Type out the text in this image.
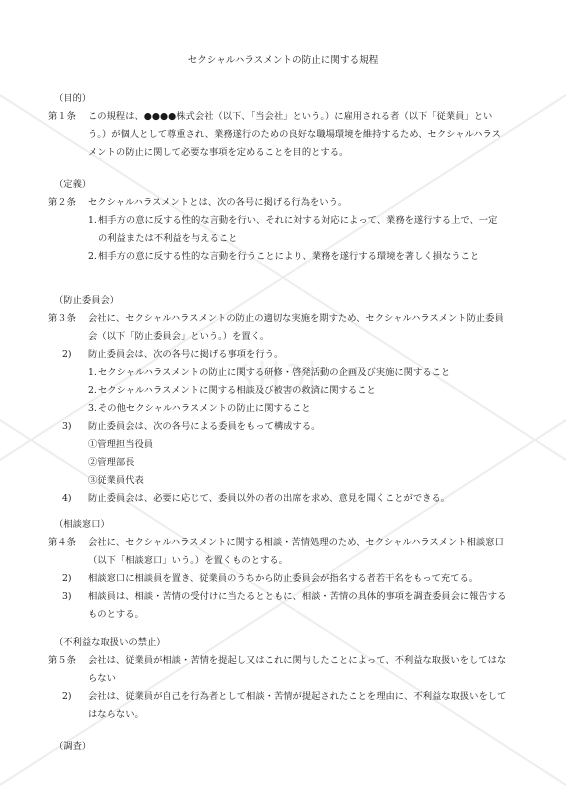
セクシャルハラスメントの防止に関する規程
（目的）
第１条 この規程は、●●●●株式会社（以下、「当会社」という。）に雇用される者（以下「従業員」という。）が個人として尊重され、業務遂行のための良好な職場環境を維持するため、セクシャルハラスメントの防止に関して必要な事項を定めることを目的とする。
（定義）
第２条 セクシャルハラスメントとは、次の各号に掲げる行為をいう。
1. 相手方の意に反する性的な言動を行い、それに対する対応によって、業務を遂行する上で、一定の利益または不利益を与えること
2. 相手方の意に反する性的な言動を行うことにより、業務を遂行する環境を著しく損なうこと
（防止委員会）
第３条 会社に、セクシャルハラスメントの防止の適切な実施を期すため、セクシャルハラスメント防止委員会（以下「防止委員会」という。）を置く。
2) 防止委員会は、次の各号に掲げる事項を行う。
1. セクシャルハラスメントの防止に関する研修・啓発活動の企画及び実施に関すること
2. セクシャルハラスメントに関する相談及び被害の救済に関すること
3. その他セクシャルハラスメントの防止に関すること
3) 防止委員会は、次の各号による委員をもって構成する。
①管理担当役員
②管理部長
③従業員代表
4) 防止委員会は、必要に応じて、委員以外の者の出席を求め、意見を聞くことができる。
（相談窓口）
第４条 会社に、セクシャルハラスメントに関する相談・苦情処理のため、セクシャルハラスメント相談窓口（以下「相談窓口」いう。）を置くものとする。
2) 相談窓口に相談員を置き、従業員のうちから防止委員会が指名する者若干名をもって充てる。
3) 相談員は、相談・苦情の受付けに当たるとともに、相談・苦情の具体的事項を調査委員会に報告するものとする。
（不利益な取扱いの禁止）
第５条 会社は、従業員が相談・苦情を提起し又はこれに関与したことによって、不利益な取扱いをしてはならない
2) 会社は、従業員が自己を行為者として相談・苦情が提起されたことを理由に、不利益な取扱いをしてはならない。
（調査）
